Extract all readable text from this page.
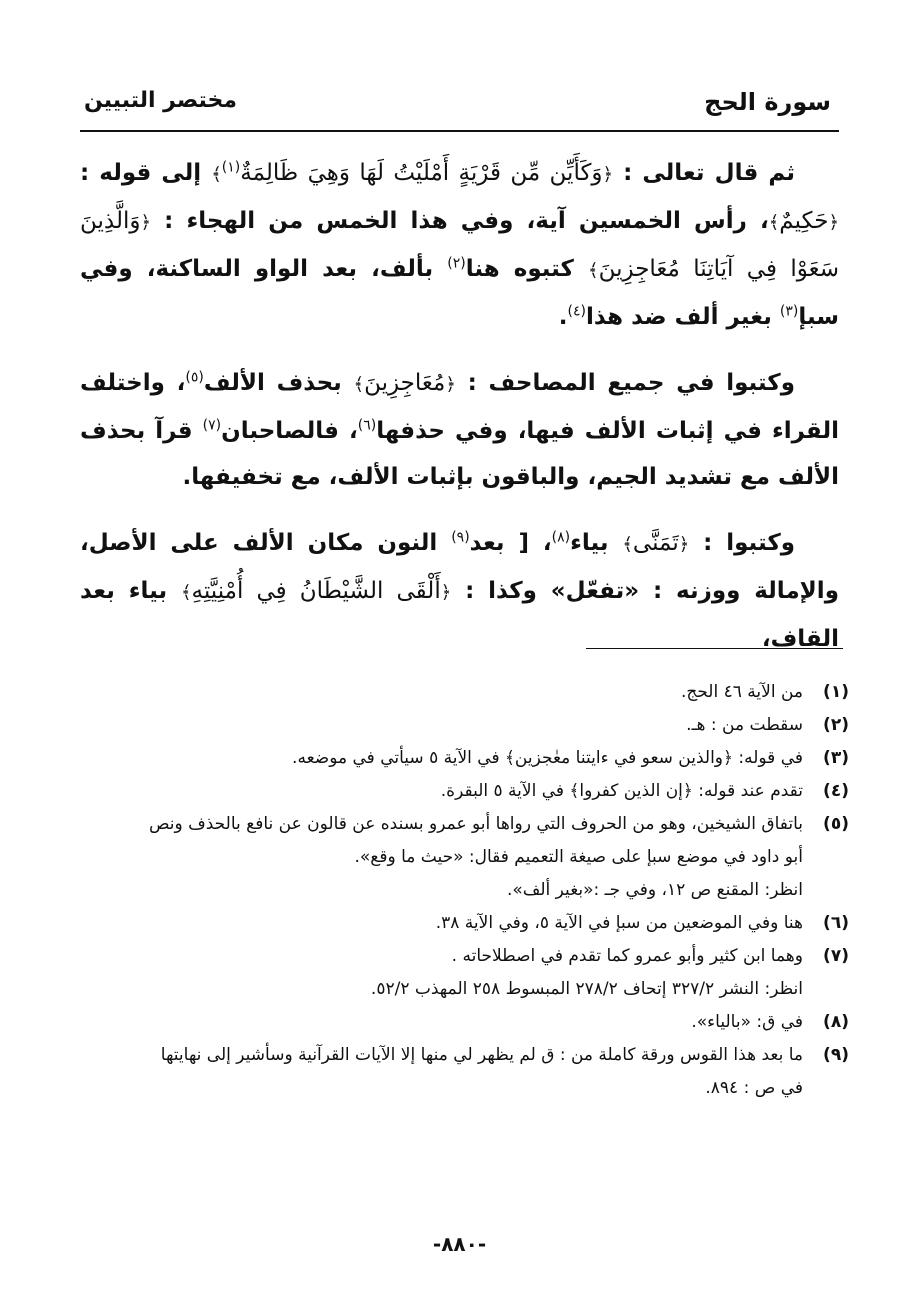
سورة الحج
مختصر التبيين

ثم قال تعالى : ﴿وَكَأَيِّن مِّن قَرْيَةٍ أَمْلَيْتُ لَهَا وَهِيَ ظَالِمَةٌ$^{(١)}$﴾ إلى قوله : ﴿حَكِيمٌ﴾، رأس الخمسين آية، وفي هذا الخمس من الهجاء : ﴿وَالَّذِينَ سَعَوْا فِي آيَاتِنَا مُعَاجِزِينَ﴾ كتبوه هنا$^{(٢)}$ بألف، بعد الواو الساكنة، وفي سبإ$^{(٣)}$ بغير ألف ضد هذا$^{(٤)}$.

وكتبوا في جميع المصاحف : ﴿مُعَاجِزِينَ﴾ بحذف الألف$^{(٥)}$، واختلف القراء في إثبات الألف فيها، وفي حذفها$^{(٦)}$، فالصاحبان$^{(٧)}$ قرآ بحذف الألف مع تشديد الجيم، والباقون بإثبات الألف، مع تخفيفها.

وكتبوا : ﴿تَمَنَّى﴾ بياء$^{(٨)}$، [ بعد$^{(٩)}$ النون مكان الألف على الأصل، والإمالة ووزنه : «تفعّل» وكذا : ﴿أَلْقَى الشَّيْطَانُ فِي أُمْنِيَّتِهِ﴾ بياء بعد القاف،

(١)
من الآية ٤٦ الحج.
(٢)
سقطت من : هـ.
(٣)
في قوله: ﴿والذين سعو في ءايتنا معٰجزين﴾ في الآية ٥ سيأتي في موضعه.
(٤)
تقدم عند قوله: ﴿إن الذين كفروا﴾ في الآية ٥ البقرة.
(٥)
باتفاق الشيخين، وهو من الحروف التي رواها أبو عمرو بسنده عن قالون عن نافع بالحذف ونص
أبو داود في موضع سبإ على صيغة التعميم فقال: «حيث ما وقع».
انظر: المقنع ص ١٢، وفي جـ :«بغير ألف».
(٦)
هنا وفي الموضعين من سبإ في الآية ٥، وفي الآية ٣٨.
(٧)
وهما ابن كثير وأبو عمرو كما تقدم في اصطلاحاته .
انظر: النشر ٣٢٧/٢ إتحاف ٢٧٨/٢ المبسوط ٢٥٨ المهذب ٥٢/٢.
(٨)
في ق: «بالياء».
(٩)
ما بعد هذا القوس ورقة كاملة من : ق لم يظهر لي منها إلا الآيات القرآنية وسأشير إلى نهايتها
في ص : ٨٩٤.
-٨٨٠-
